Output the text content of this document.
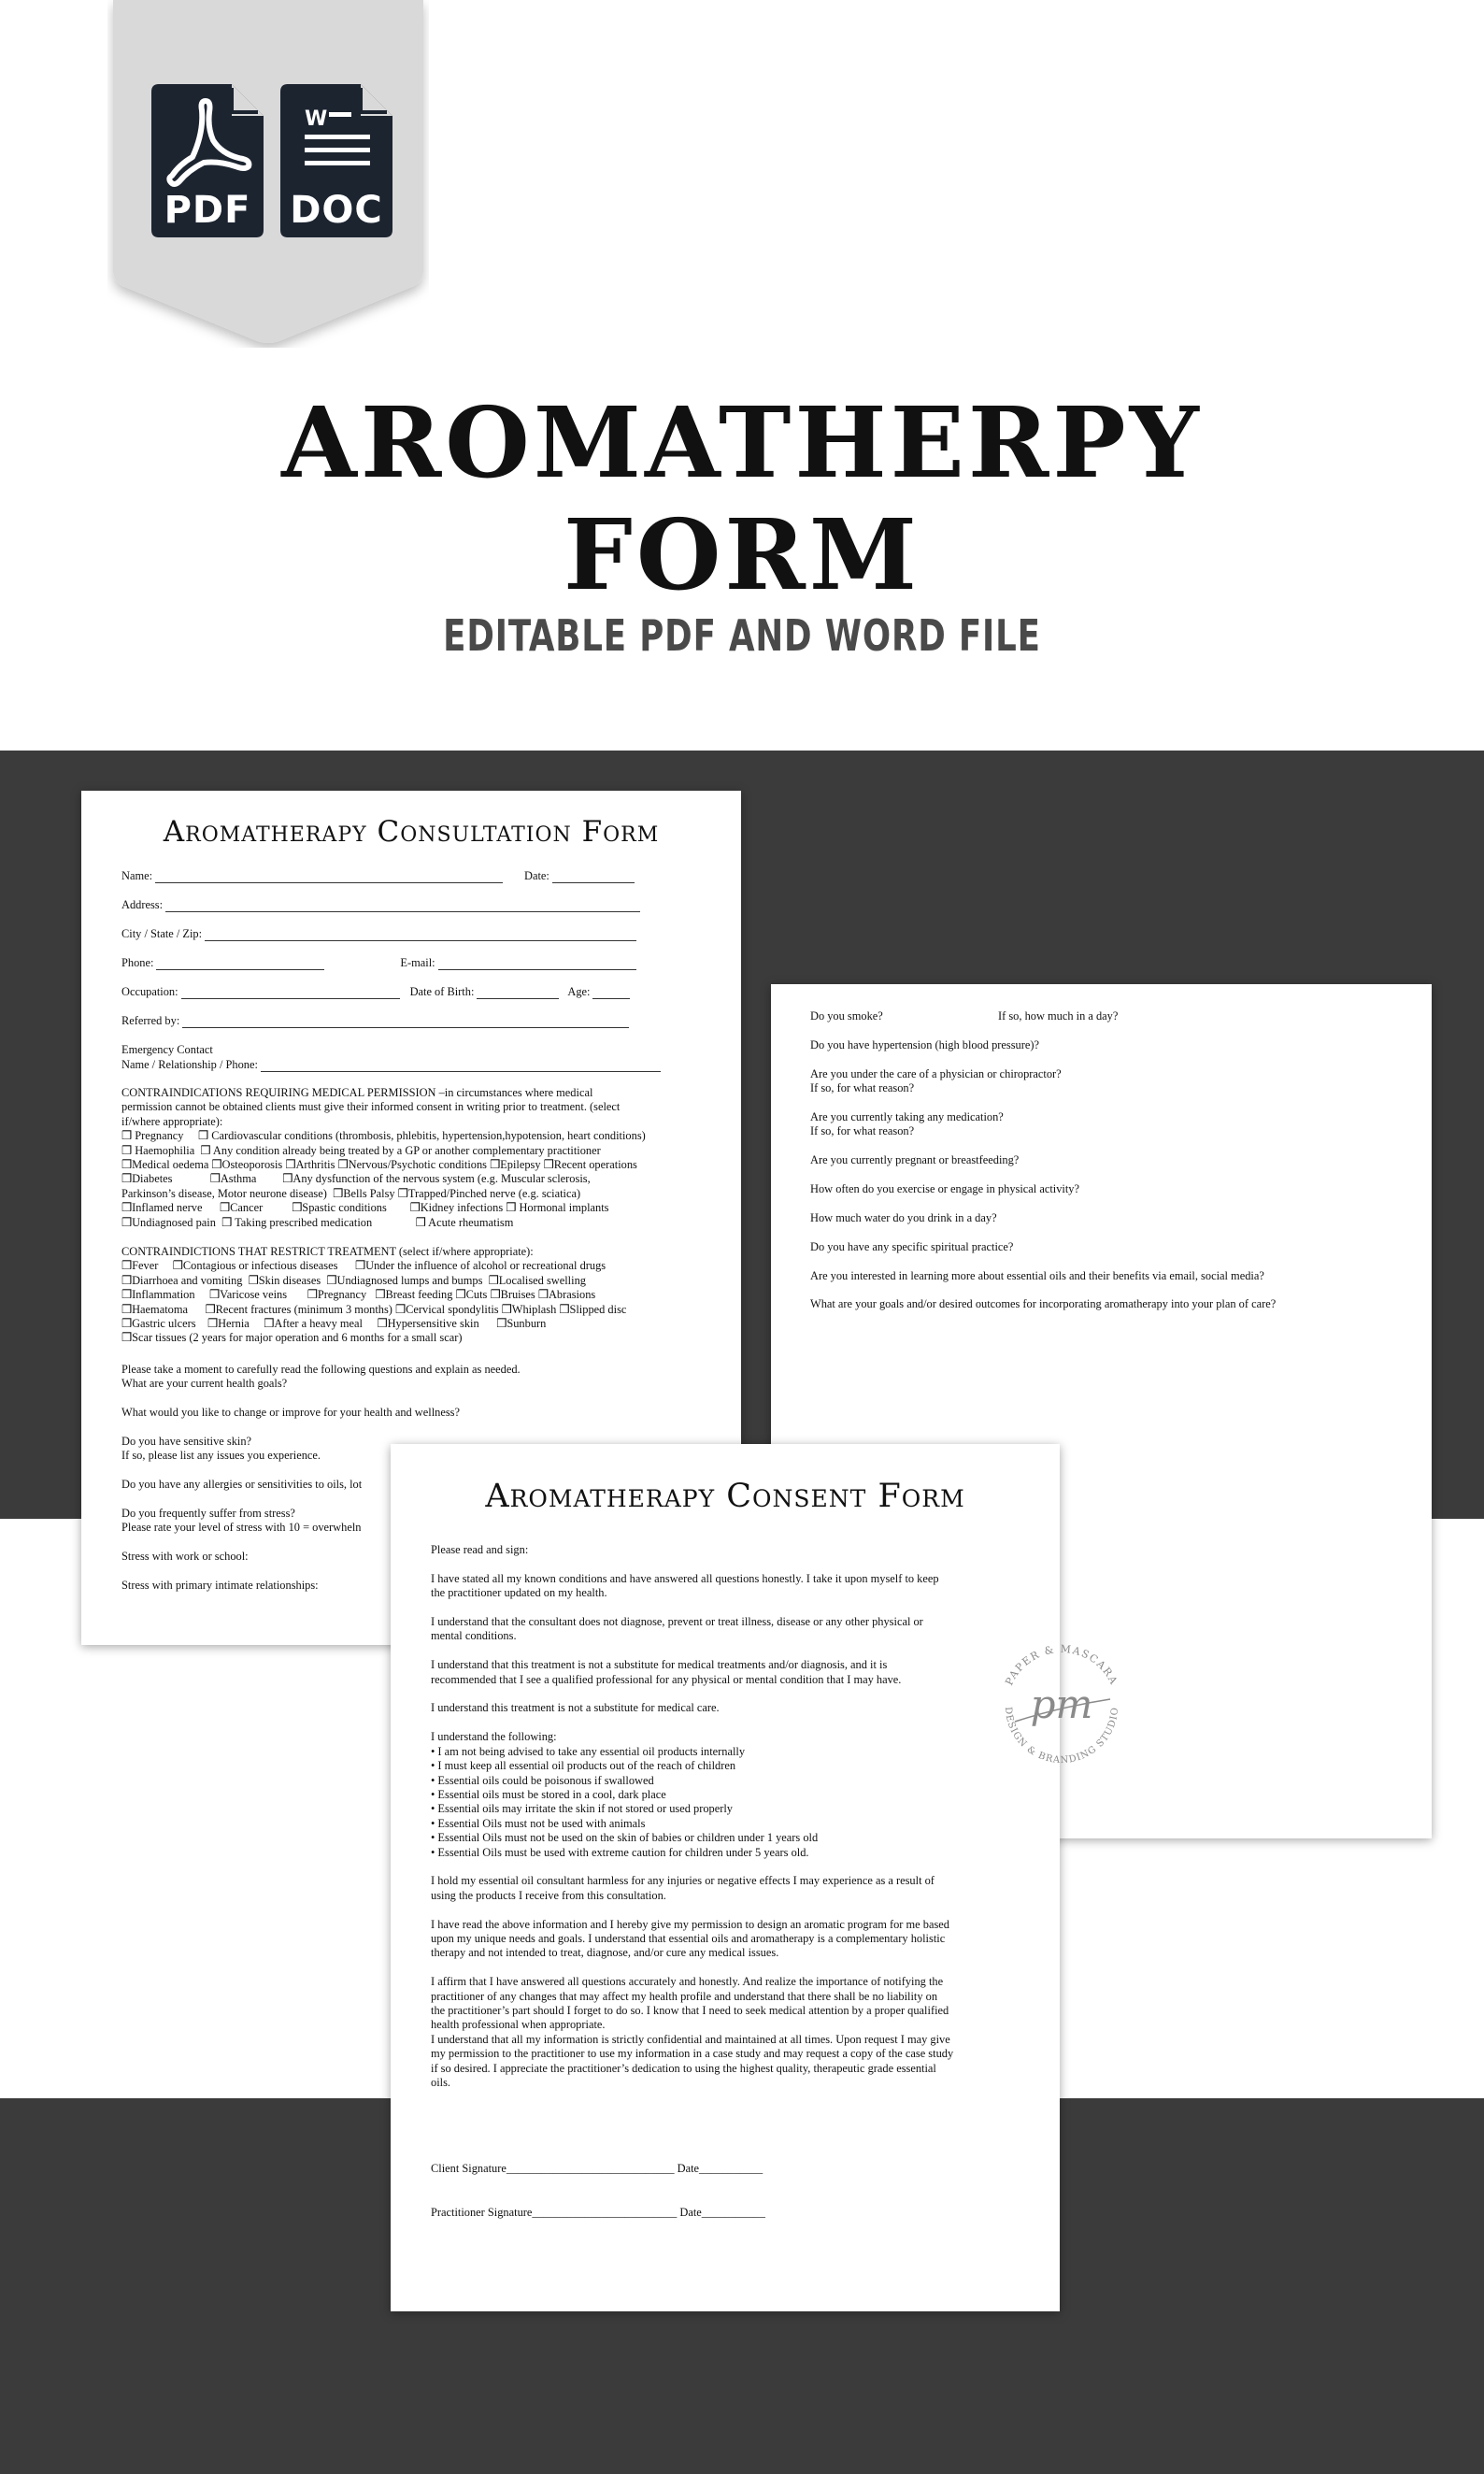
PDF
W
DOC
AROMATHERPY
FORM
EDITABLE PDF AND WORD FILE
Aromatherapy Consultation Form
Name:	Date:
Address:
City / State / Zip:
Phone:	E-mail:
Occupation:	Date of Birth:	Age:
Referred by:
Emergency Contact
Name / Relationship / Phone:
CONTRAINDICATIONS REQUIRING MEDICAL PERMISSION –in circumstances where medical
permission cannot be obtained clients must give their informed consent in writing prior to treatment. (select
if/where appropriate):
❒ Pregnancy     ❒ Cardiovascular conditions (thrombosis, phlebitis, hypertension,hypotension, heart conditions)
❒ Haemophilia  ❒ Any condition already being treated by a GP or another complementary practitioner
❒Medical oedema ❒Osteoporosis ❒Arthritis ❒Nervous/Psychotic conditions ❒Epilepsy ❒Recent operations
❒Diabetes             ❒Asthma         ❒Any dysfunction of the nervous system (e.g. Muscular sclerosis,
Parkinson’s disease, Motor neurone disease)  ❒Bells Palsy ❒Trapped/Pinched nerve (e.g. sciatica)
❒Inflamed nerve      ❒Cancer          ❒Spastic conditions        ❒Kidney infections ❒ Hormonal implants
❒Undiagnosed pain  ❒ Taking prescribed medication               ❒ Acute rheumatism
CONTRAINDICTIONS THAT RESTRICT TREATMENT (select if/where appropriate):
❒Fever     ❒Contagious or infectious diseases      ❒Under the influence of alcohol or recreational drugs
❒Diarrhoea and vomiting  ❒Skin diseases  ❒Undiagnosed lumps and bumps  ❒Localised swelling
❒Inflammation     ❒Varicose veins       ❒Pregnancy   ❒Breast feeding ❒Cuts ❒Bruises ❒Abrasions
❒Haematoma      ❒Recent fractures (minimum 3 months) ❒Cervical spondylitis ❒Whiplash ❒Slipped disc
❒Gastric ulcers    ❒Hernia     ❒After a heavy meal     ❒Hypersensitive skin      ❒Sunburn
❒Scar tissues (2 years for major operation and 6 months for a small scar)
Please take a moment to carefully read the following questions and explain as needed.
What are your current health goals?

What would you like to change or improve for your health and wellness?

Do you have sensitive skin?
If so, please list any issues you experience.

Do you have any allergies or sensitivities to oils, lot

Do you frequently suffer from stress?
Please rate your level of stress with 10 = overwheln

Stress with work or school:

Stress with primary intimate relationships:
Do you smoke?	If so, how much in a day?
Do you have hypertension (high blood pressure)?

Are you under the care of a physician or chiropractor?
If so, for what reason?

Are you currently taking any medication?
If so, for what reason?

Are you currently pregnant or breastfeeding?

How often do you exercise or engage in physical activity?

How much water do you drink in a day?

Do you have any specific spiritual practice?

Are you interested in learning more about essential oils and their benefits via email, social media?

What are your goals and/or desired outcomes for incorporating aromatherapy into your plan of care?
Aromatherapy Consent Form
Please read and sign:

I have stated all my known conditions and have answered all questions honestly. I take it upon myself to keep
the practitioner updated on my health.

I understand that the consultant does not diagnose, prevent or treat illness, disease or any other physical or
mental conditions.

I understand that this treatment is not a substitute for medical treatments and/or diagnosis, and it is
recommended that I see a qualified professional for any physical or mental condition that I may have.

I understand this treatment is not a substitute for medical care.

I understand the following:
• I am not being advised to take any essential oil products internally
• I must keep all essential oil products out of the reach of children
• Essential oils could be poisonous if swallowed
• Essential oils must be stored in a cool, dark place
• Essential oils may irritate the skin if not stored or used properly
• Essential Oils must not be used with animals
• Essential Oils must not be used on the skin of babies or children under 1 years old
• Essential Oils must be used with extreme caution for children under 5 years old.

I hold my essential oil consultant harmless for any injuries or negative effects I may experience as a result of
using the products I receive from this consultation.

I have read the above information and I hereby give my permission to design an aromatic program for me based
upon my unique needs and goals. I understand that essential oils and aromatherapy is a complementary holistic
therapy and not intended to treat, diagnose, and/or cure any medical issues.

I affirm that I have answered all questions accurately and honestly. And realize the importance of notifying the
practitioner of any changes that may affect my health profile and understand that there shall be no liability on
the practitioner’s part should I forget to do so. I know that I need to seek medical attention by a proper qualified
health professional when appropriate.
I understand that all my information is strictly confidential and maintained at all times. Upon request I may give
my permission to the practitioner to use my information in a case study and may request a copy of the case study
if so desired. I appreciate the practitioner’s dedication to using the highest quality, therapeutic grade essential
oils.
Client Signature_____________________________ Date___________
Practitioner Signature_________________________ Date___________
PAPER & MASCARA
pm
DESIGN & BRANDING STUDIO
